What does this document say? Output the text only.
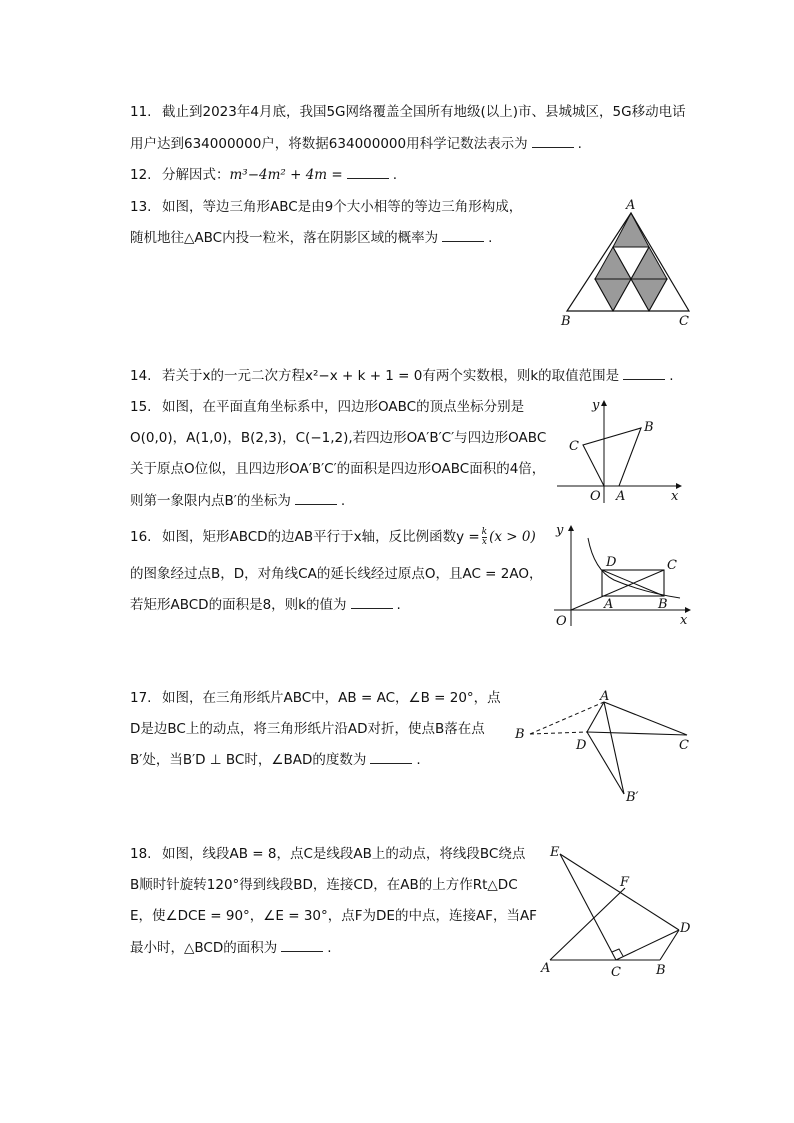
11. 截止到2023年4月底，我国5G网络覆盖全国所有地级(以上)市、县城城区，5G移动电话
用户达到634000000户，将数据634000000用科学记数法表示为	.
12. 分解因式：m³−4m² + 4m =	.
13. 如图，等边三角形ABC是由9个大小相等的等边三角形构成，
随机地往△ABC内投一粒米，落在阴影区域的概率为	.
A
B	C
14. 若关于x的一元二次方程x²−x + k + 1 = 0有两个实数根，则k的取值范围是	.
15. 如图，在平面直角坐标系中，四边形OABC的顶点坐标分别是
O(0,0)，A(1,0)，B(2,3)，C(−1,2),若四边形OA′B′C′与四边形OABC
关于原点O位似，且四边形OA′B′C′的面积是四边形OABC面积的4倍，
则第一象限内点B′的坐标为	.
y
x
O A
B
C
16. 如图，矩形ABCD的边AB平行于x轴，反比例函数$y = \frac{k}{x} (x > 0)$
的图象经过点B，D，对角线CA的延长线经过原点O，且AC = 2AO，
若矩形ABCD的面积是8，则k的值为	.
y
x
O
A	B
C
D
17. 如图，在三角形纸片ABC中，AB = AC，∠B = 20°，点
D是边BC上的动点，将三角形纸片沿AD对折，使点B落在点
B′处，当B′D ⊥ BC时，∠BAD的度数为	.
A
B
D	C
B′
18. 如图，线段AB = 8，点C是线段AB上的动点，将线段BC绕点
B顺时针旋转120°得到线段BD，连接CD，在AB的上方作Rt△DC
E，使∠DCE = 90°，∠E = 30°，点F为DE的中点，连接AF，当AF
最小时，△BCD的面积为	.
E
F
D
A	C	B
